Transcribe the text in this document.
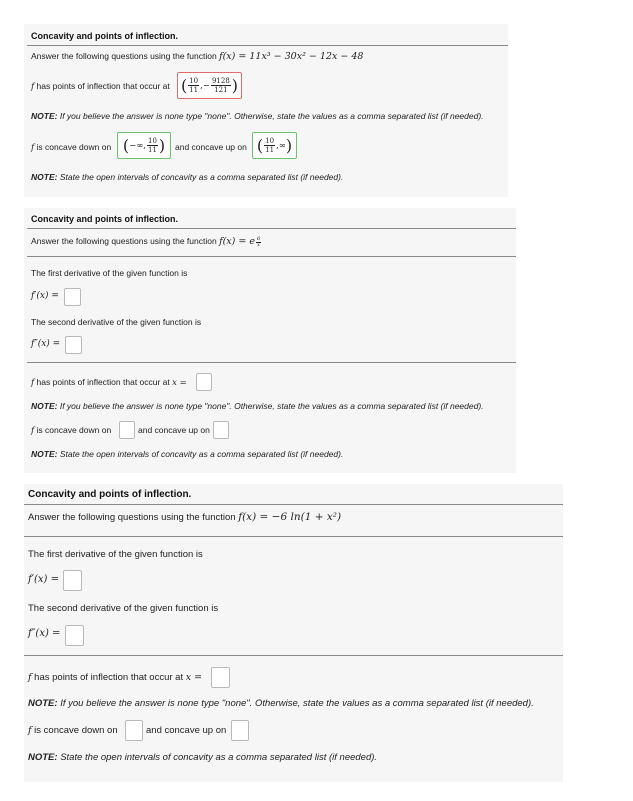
Concavity and points of inflection.
Answer the following questions using the function f(x) = 11x³ − 30x² − 12x − 48
f has points of inflection that occur at ( $\frac{10}{11}$ , − $\frac{9128}{121}$ )
NOTE: If you believe the answer is none type "none". Otherwise, state the values as a comma separated list (if needed).
f is concave down on ( −∞ , $\frac{10}{11}$ ) and concave up on ( $\frac{10}{11}$ , ∞ )
NOTE: State the open intervals of concavity as a comma separated list (if needed).
Concavity and points of inflection.
Answer the following questions using the function f(x) = e $\frac{6}{x}$
The first derivative of the given function is
f′(x) =
The second derivative of the given function is
f″(x) =
f has points of inflection that occur at x =
NOTE: If you believe the answer is none type "none". Otherwise, state the values as a comma separated list (if needed).
f is concave down on	and concave up on
NOTE: State the open intervals of concavity as a comma separated list (if needed).
Concavity and points of inflection.
Answer the following questions using the function f(x) = −6 ln(1 + x²)
The first derivative of the given function is
f′(x) =
The second derivative of the given function is
f″(x) =
f has points of inflection that occur at x =
NOTE: If you believe the answer is none type "none". Otherwise, state the values as a comma separated list (if needed).
f is concave down on	and concave up on
NOTE: State the open intervals of concavity as a comma separated list (if needed).
